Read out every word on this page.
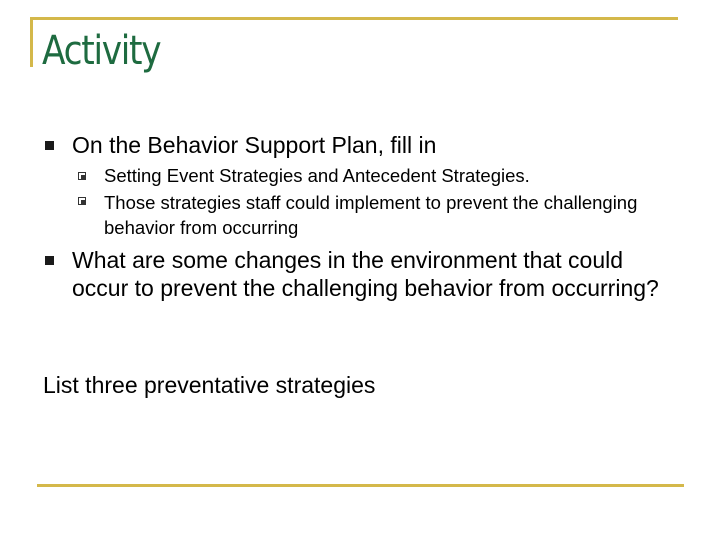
Activity
On the Behavior Support Plan, fill in
Setting Event Strategies and Antecedent Strategies.
Those strategies staff could implement to prevent the challenging behavior from occurring
What are some changes in the environment that could occur to prevent the challenging behavior from occurring?
List three preventative strategies
